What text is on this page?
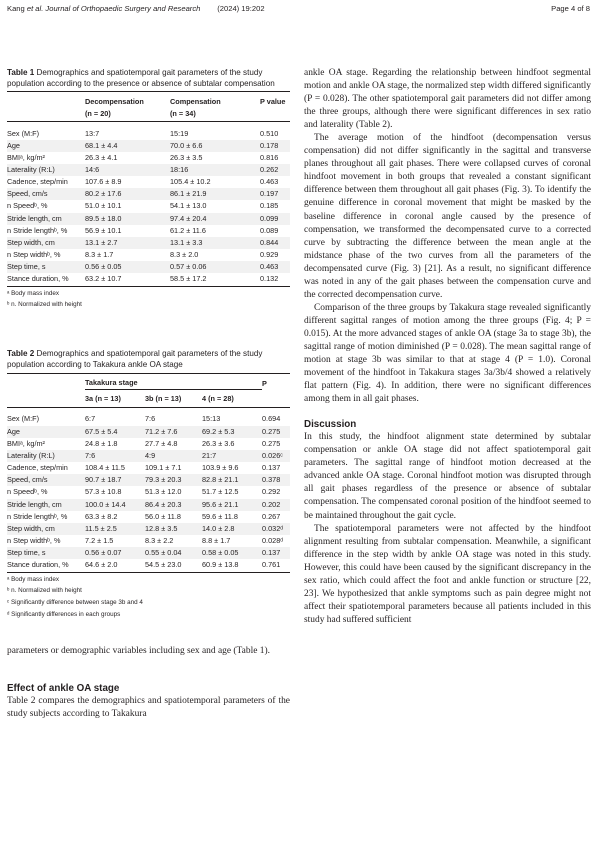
Kang et al. Journal of Orthopaedic Surgery and Research (2024) 19:202	Page 4 of 8
Table 1 Demographics and spatiotemporal gait parameters of the study population according to the presence or absence of subtalar compensation
	Decompensation	Compensation	P value
	(n = 20)	(n = 34)	

Sex (M:F)	13:7	15:19	0.510
Age	68.1 ± 4.4	70.0 ± 6.6	0.178
BMIᵃ, kg/m²	26.3 ± 4.1	26.3 ± 3.5	0.816
Laterality (R:L)	14:6	18:16	0.262
Cadence, step/min	107.6 ± 8.9	105.4 ± 10.2	0.463
Speed, cm/s	80.2 ± 17.6	86.1 ± 21.9	0.197
n Speedᵇ, %	51.0 ± 10.1	54.1 ± 13.0	0.185
Stride length, cm	89.5 ± 18.0	97.4 ± 20.4	0.099
n Stride lengthᵇ, %	56.9 ± 10.1	61.2 ± 11.6	0.089
Step width, cm	13.1 ± 2.7	13.1 ± 3.3	0.844
n Step widthᵇ, %	8.3 ± 1.7	8.3 ± 2.0	0.929
Step time, s	0.56 ± 0.05	0.57 ± 0.06	0.463
Stance duration, %	63.2 ± 10.7	58.5 ± 17.2	0.132
ᵃ Body mass index
ᵇ n. Normalized with height
Table 2 Demographics and spatiotemporal gait parameters of the study population according to Takakura ankle OA stage
	Takakura stage			P
	3a (n = 13)	3b (n = 13)	4 (n = 28)	

Sex (M:F)	6:7	7:6	15:13	0.694
Age	67.5 ± 5.4	71.2 ± 7.6	69.2 ± 5.3	0.275
BMIᵃ, kg/m²	24.8 ± 1.8	27.7 ± 4.8	26.3 ± 3.6	0.275
Laterality (R:L)	7:6	4:9	21:7	0.026ᶜ
Cadence, step/min	108.4 ± 11.5	109.1 ± 7.1	103.9 ± 9.6	0.137
Speed, cm/s	90.7 ± 18.7	79.3 ± 20.3	82.8 ± 21.1	0.378
n Speedᵇ, %	57.3 ± 10.8	51.3 ± 12.0	51.7 ± 12.5	0.292
Stride length, cm	100.0 ± 14.4	86.4 ± 20.3	95.6 ± 21.1	0.202
n Stride lengthᵇ, %	63.3 ± 8.2	56.0 ± 11.8	59.6 ± 11.8	0.267
Step width, cm	11.5 ± 2.5	12.8 ± 3.5	14.0 ± 2.8	0.032ᵈ
n Step widthᵇ, %	7.2 ± 1.5	8.3 ± 2.2	8.8 ± 1.7	0.028ᵈ
Step time, s	0.56 ± 0.07	0.55 ± 0.04	0.58 ± 0.05	0.137
Stance duration, %	64.6 ± 2.0	54.5 ± 23.0	60.9 ± 13.8	0.761
ᵃ Body mass index
ᵇ n. Normalized with height
ᶜ Significantly difference between stage 3b and 4
ᵈ Significantly differences in each groups

parameters or demographic variables including sex and age (Table 1).

Effect of ankle OA stage

Table 2 compares the demographics and spatiotemporal parameters of the study subjects according to Takakura

ankle OA stage. Regarding the relationship between hindfoot segmental motion and ankle OA stage, the normalized step width differed significantly (P = 0.028). The other spatiotemporal gait parameters did not differ among the three groups, although there were significant differences in sex ratio and laterality (Table 2).

The average motion of the hindfoot (decompensation versus compensation) did not differ significantly in the sagittal and transverse planes throughout all gait phases. There were collapsed curves of coronal hindfoot movement in both groups that revealed a constant significant difference between them throughout all gait phases (Fig. 3). To identify the genuine difference in coronal movement that might be masked by the baseline difference in coronal angle caused by the presence of compensation, we transformed the decompensated curve to a corrected curve by subtracting the difference between the mean angle at the midstance phase of the two curves from all the parameters of the decompensated curve (Fig. 3) [21]. As a result, no significant difference was noted in any of the gait phases between the compensation curve and the corrected decompensation curve.

Comparison of the three groups by Takakura stage revealed significantly different sagittal ranges of motion among the three groups (Fig. 4; P = 0.015). At the more advanced stages of ankle OA (stage 3a to stage 3b), the sagittal range of motion diminished (P = 0.028). The mean sagittal range of motion at stage 3b was similar to that at stage 4 (P = 1.0). Coronal movement of the hindfoot in Takakura stages 3a/3b/4 showed a relatively flat pattern (Fig. 4). In addition, there were no significant differences among them in all gait phases.

Discussion

In this study, the hindfoot alignment state determined by subtalar compensation or ankle OA stage did not affect spatiotemporal gait parameters. The sagittal range of hindfoot motion decreased at the advanced ankle OA stage. Coronal hindfoot motion was disrupted through all gait phases regardless of the presence or absence of subtalar compensation. The compensated coronal position of the hindfoot seemed to be maintained throughout the gait cycle.

The spatiotemporal parameters were not affected by the hindfoot alignment resulting from subtalar compensation. Meanwhile, a significant difference in the step width by ankle OA stage was noted in this study. However, this could have been caused by the significant discrepancy in the sex ratio, which could affect the foot and ankle function or structure [22, 23]. We hypothesized that ankle symptoms such as pain degree might not affect their spatiotemporal parameters because all patients included in this study had suffered sufficient
